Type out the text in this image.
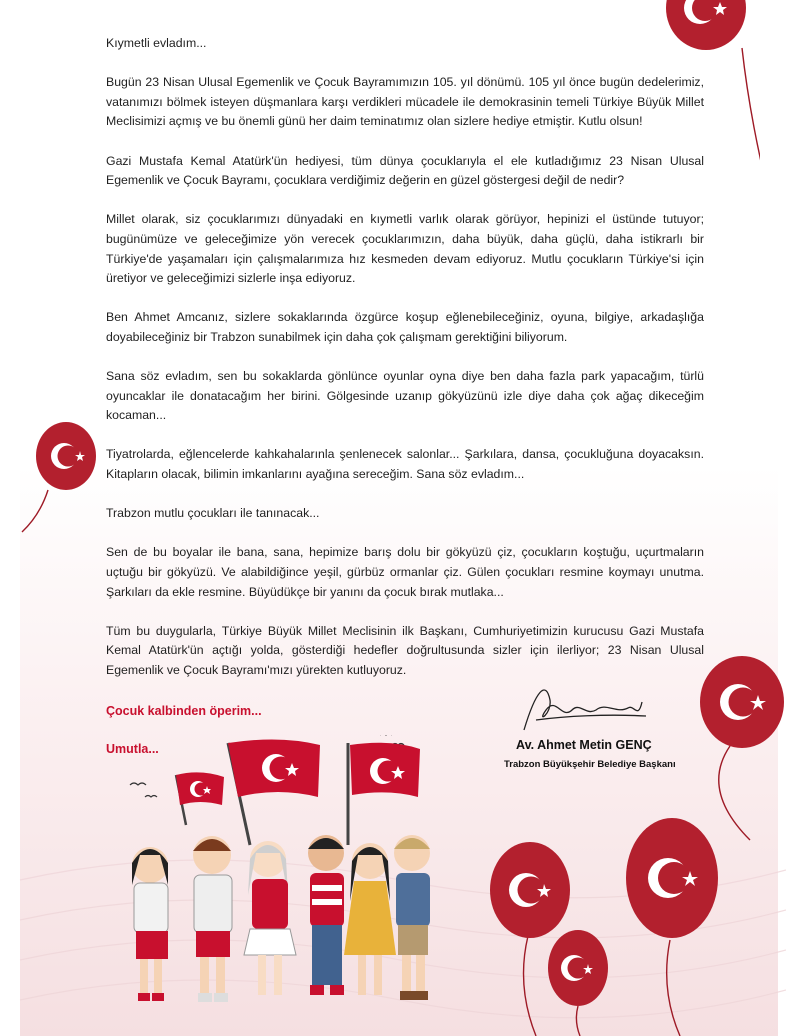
Kıymetli evladım...

Bugün 23 Nisan Ulusal Egemenlik ve Çocuk Bayramımızın 105. yıl dönümü. 105 yıl önce bugün dedelerimiz, vatanımızı bölmek isteyen düşmanlara karşı verdikleri mücadele ile demokrasinin temeli Türkiye Büyük Millet Meclisimizi açmış ve bu önemli günü her daim teminatımız olan sizlere hediye etmiştir. Kutlu olsun!

Gazi Mustafa Kemal Atatürk'ün hediyesi, tüm dünya çocuklarıyla el ele kutladığımız 23 Nisan Ulusal Egemenlik ve Çocuk Bayramı, çocuklara verdiğimiz değerin en güzel göstergesi değil de nedir?

Millet olarak, siz çocuklarımızı dünyadaki en kıymetli varlık olarak görüyor, hepinizi el üstünde tutuyor; bugünümüze ve geleceğimize yön verecek çocuklarımızın, daha büyük, daha güçlü, daha istikrarlı bir Türkiye'de yaşamaları için çalışmalarımıza hız kesmeden devam ediyoruz. Mutlu çocukların Türkiye'si için üretiyor ve geleceğimizi sizlerle inşa ediyoruz.

Ben Ahmet Amcanız, sizlere sokaklarında özgürce koşup eğlenebileceğiniz, oyuna, bilgiye, arkadaşlığa doyabileceğiniz bir Trabzon sunabilmek için daha çok çalışmam gerektiğini biliyorum.

Sana söz evladım, sen bu sokaklarda gönlünce oyunlar oyna diye ben daha fazla park yapacağım, türlü oyuncaklar ile donatacağım her birini. Gölgesinde uzanıp gökyüzünü izle diye daha çok ağaç dikeceğim kocaman...

Tiyatrolarda, eğlencelerde kahkahalarınla şenlenecek salonlar... Şarkılara, dansa, çocukluğuna doyacaksın. Kitapların olacak, bilimin imkanlarını ayağına sereceğim. Sana söz evladım...

Trabzon mutlu çocukları ile tanınacak...

Sen de bu boyalar ile bana, sana, hepimize barış dolu bir gökyüzü çiz, çocukların koştuğu, uçurtmaların uçtuğu bir gökyüzü. Ve alabildiğince yeşil, gürbüz ormanlar çiz. Gülen çocukları resmine koymayı unutma. Şarkıları da ekle resmine. Büyüdükçe bir yanını da çocuk bırak mutlaka...

Tüm bu duygularla, Türkiye Büyük Millet Meclisinin ilk Başkanı, Cumhuriyetimizin kurucusu Gazi Mustafa Kemal Atatürk'ün açtığı yolda, gösterdiği hedefler doğrultusunda sizler için ilerliyor; 23 Nisan Ulusal Egemenlik ve Çocuk Bayramı'mızı yürekten kutluyoruz.

Çocuk kalbinden öperim...
Umutla...	Av. Ahmet Metin GENÇ
Trabzon Büyükşehir Belediye Başkanı
